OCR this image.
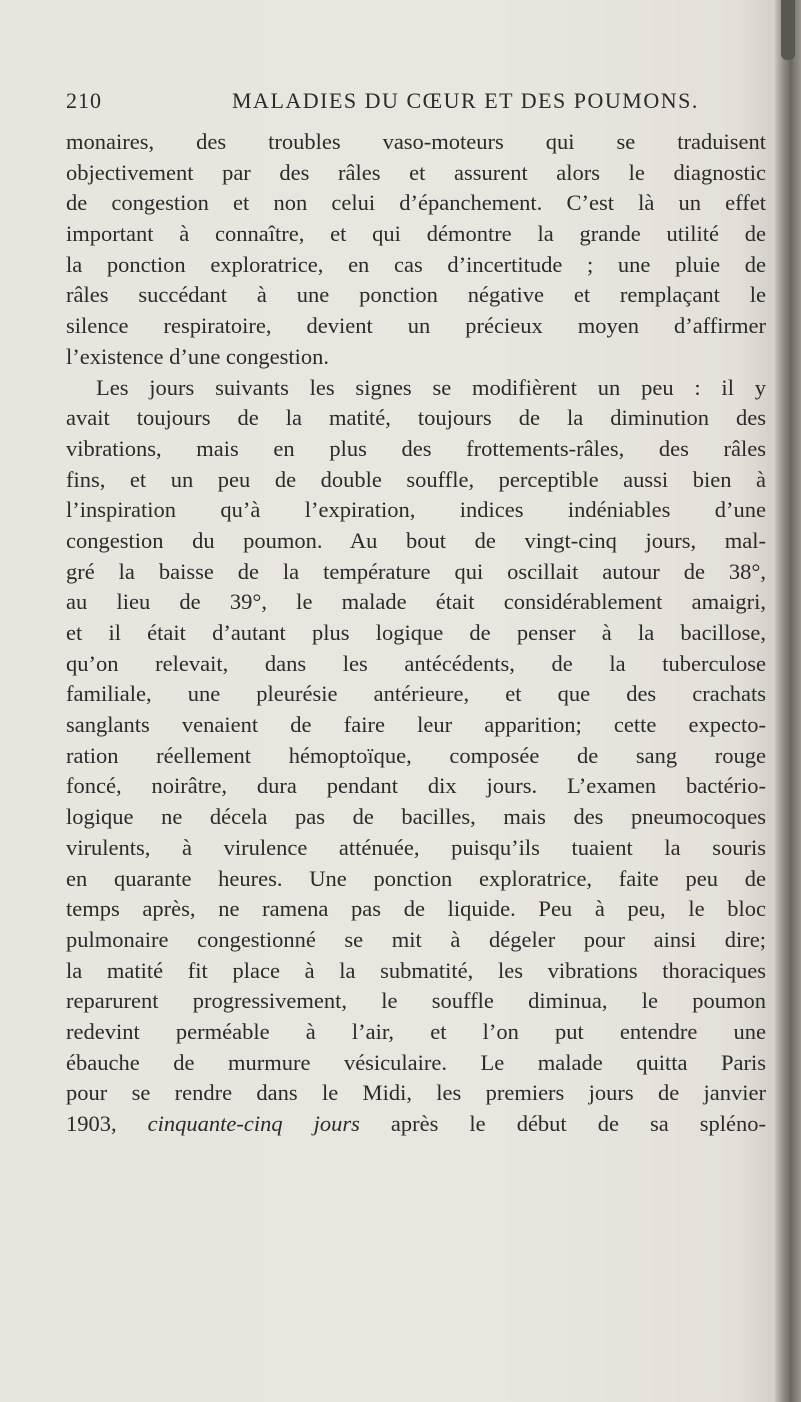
210	MALADIES DU CŒUR ET DES POUMONS.
monaires, des troubles vaso-moteurs qui se traduisent
objectivement par des râles et assurent alors le diagnostic
de congestion et non celui d’épanchement. C’est là un effet
important à connaître, et qui démontre la grande utilité de
la ponction exploratrice, en cas d’incertitude ; une pluie de
râles succédant à une ponction négative et remplaçant le
silence respiratoire, devient un précieux moyen d’affirmer
l’existence d’une congestion.
Les jours suivants les signes se modifièrent un peu : il y
avait toujours de la matité, toujours de la diminution des
vibrations, mais en plus des frottements-râles, des râles
fins, et un peu de double souffle, perceptible aussi bien à
l’inspiration qu’à l’expiration, indices indéniables d’une
congestion du poumon. Au bout de vingt-cinq jours, mal-
gré la baisse de la température qui oscillait autour de 38°,
au lieu de 39°, le malade était considérablement amaigri,
et il était d’autant plus logique de penser à la bacillose,
qu’on relevait, dans les antécédents, de la tuberculose
familiale, une pleurésie antérieure, et que des crachats
sanglants venaient de faire leur apparition; cette expecto-
ration réellement hémoptoïque, composée de sang rouge
foncé, noirâtre, dura pendant dix jours. L’examen bactério-
logique ne décela pas de bacilles, mais des pneumocoques
virulents, à virulence atténuée, puisqu’ils tuaient la souris
en quarante heures. Une ponction exploratrice, faite peu de
temps après, ne ramena pas de liquide. Peu à peu, le bloc
pulmonaire congestionné se mit à dégeler pour ainsi dire;
la matité fit place à la submatité, les vibrations thoraciques
reparurent progressivement, le souffle diminua, le poumon
redevint perméable à l’air, et l’on put entendre une
ébauche de murmure vésiculaire. Le malade quitta Paris
pour se rendre dans le Midi, les premiers jours de janvier
1903, cinquante-cinq jours après le début de sa spléno-
